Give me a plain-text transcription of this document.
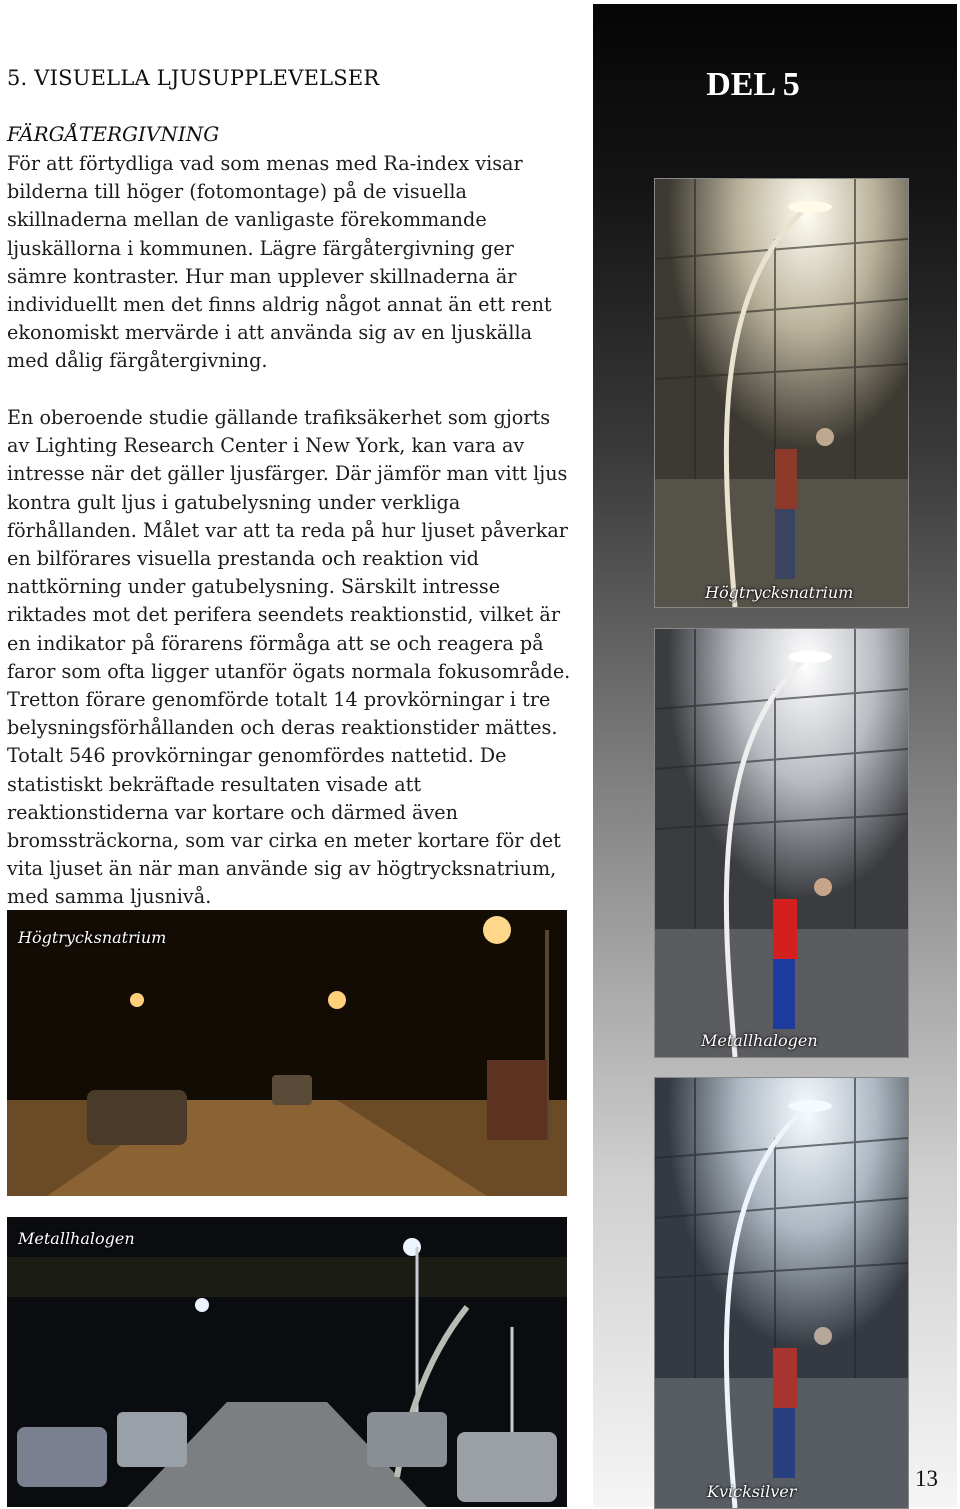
5. VISUELLA LJUSUPPLEVELSER
FÄRGÅTERGIVNING

För att förtydliga vad som menas med Ra-index visar bilderna till höger (fotomontage) på de visuella skillnaderna mellan de vanligaste förekommande ljuskällorna i kommunen. Lägre färgåtergivning ger sämre kontraster. Hur man upplever skillnaderna är individuellt men det finns aldrig något annat än ett rent ekonomiskt mervärde i att använda sig av en ljuskälla med dålig färgåtergivning.

En oberoende studie gällande trafiksäkerhet som gjorts av Lighting Research Center i New York, kan vara av intresse när det gäller ljusfärger. Där jämför man vitt ljus kontra gult ljus i gatubelysning under verkliga förhållanden. Målet var att ta reda på hur ljuset påverkar en bilförares visuella prestanda och reaktion vid nattkörning under gatubelysning. Särskilt intresse riktades mot det perifera seendets reaktionstid, vilket är en indikator på förarens förmåga att se och reagera på faror som ofta ligger utanför ögats normala fokusområde. Tretton förare genomförde totalt 14 provkörningar i tre belysningsförhållanden och deras reaktionstider mättes. Totalt 546 provkörningar genomfördes nattetid. De statistiskt bekräftade resultaten visade att reaktionstiderna var kortare och därmed även bromssträckorna, som var cirka en meter kortare för det vita ljuset än när man använde sig av högtrycksnatrium, med samma ljusnivå.

DEL 5
Högtrycksnatrium
Metallhalogen
Kvicksilver
13
Högtrycksnatrium
Metallhalogen
